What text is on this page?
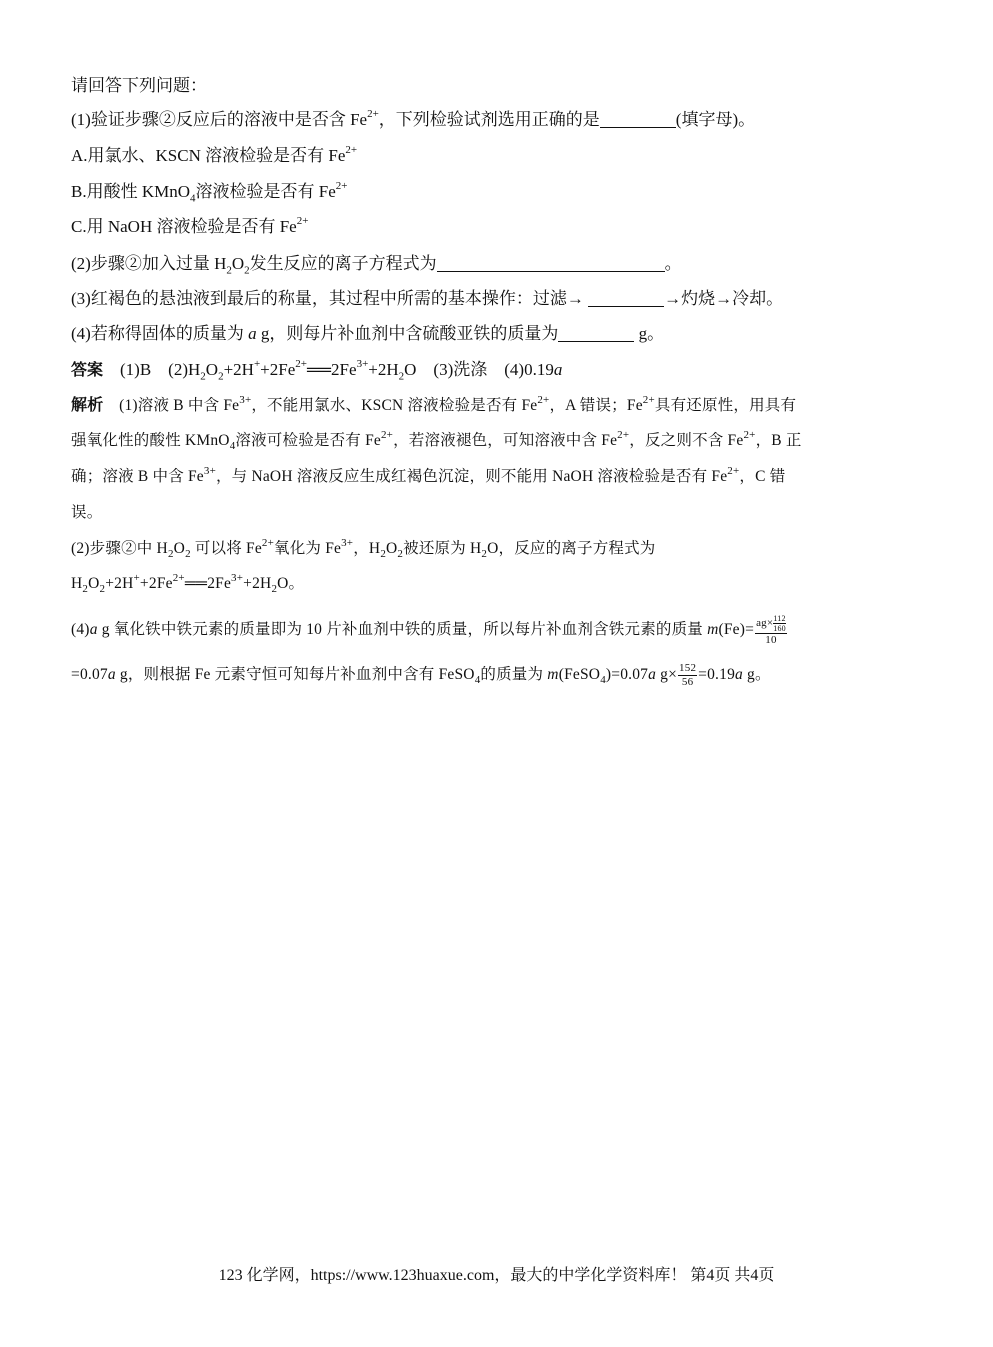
请回答下列问题：
(1)验证步骤②反应后的溶液中是否含 $Fe^{2+}$，下列检验试剂选用正确的是	(填字母)。
A.用氯水、KSCN 溶液检验是否有 $Fe^{2+}$
B.用酸性 KMnO$_4$溶液检验是否有 $Fe^{2+}$
C.用 NaOH 溶液检验是否有 $Fe^{2+}$
(2)步骤②加入过量 $H_2O_2$发生反应的离子方程式为	。
(3)红褐色的悬浊液到最后的称量，其过程中所需的基本操作：过滤→	→灼烧→冷却。
(4)若称得固体的质量为 a g，则每片补血剂中含硫酸亚铁的质量为	g。
答案　 (1)B　$(2)H_2O_2+2H^++2Fe^{2+}══2Fe^{3+}+2H_2O$　(3)洗涤　(4)0.19a
解析　 (1)溶液 B 中含 $Fe^{3+}$，不能用氯水、KSCN 溶液检验是否有 $Fe^{2+}$，A 错误；$Fe^{2+}$具有还原性，用具有
强氧化性的酸性 KMnO$_4$溶液可检验是否有 $Fe^{2+}$，若溶液褪色，可知溶液中含 $Fe^{2+}$，反之则不含 $Fe^{2+}$，B 正
确；溶液 B 中含 $Fe^{3+}$，与 NaOH 溶液反应生成红褐色沉淀，则不能用 NaOH 溶液检验是否有 $Fe^{2+}$，C 错
误。
(2)步骤②中 $H_2O_2$ 可以将 $Fe^{2+}$氧化为 $Fe^{3+}$，$H_2O_2$被还原为 $H_2O$，反应的离子方程式为
$H_2O_2+2H^++2Fe^{2+}══2Fe^{3+}+2H_2O$。
(4)a g 氧化铁中铁元素的质量即为 10 片补血剂中铁的质量，所以每片补血剂含铁元素的质量 $m(Fe)= \frac{ag\times \frac{112}{160}}{10}$
=0.07a g，则根据 Fe 元素守恒可知每片补血剂中含有 FeSO$_4$的质量为 m(FeSO$_4$)=0.07a $g\times \frac{152}{56} =0.19a$ g。
123 化学网，https://www.123huaxue.com，最大的中学化学资料库！ 第4页 共4页
